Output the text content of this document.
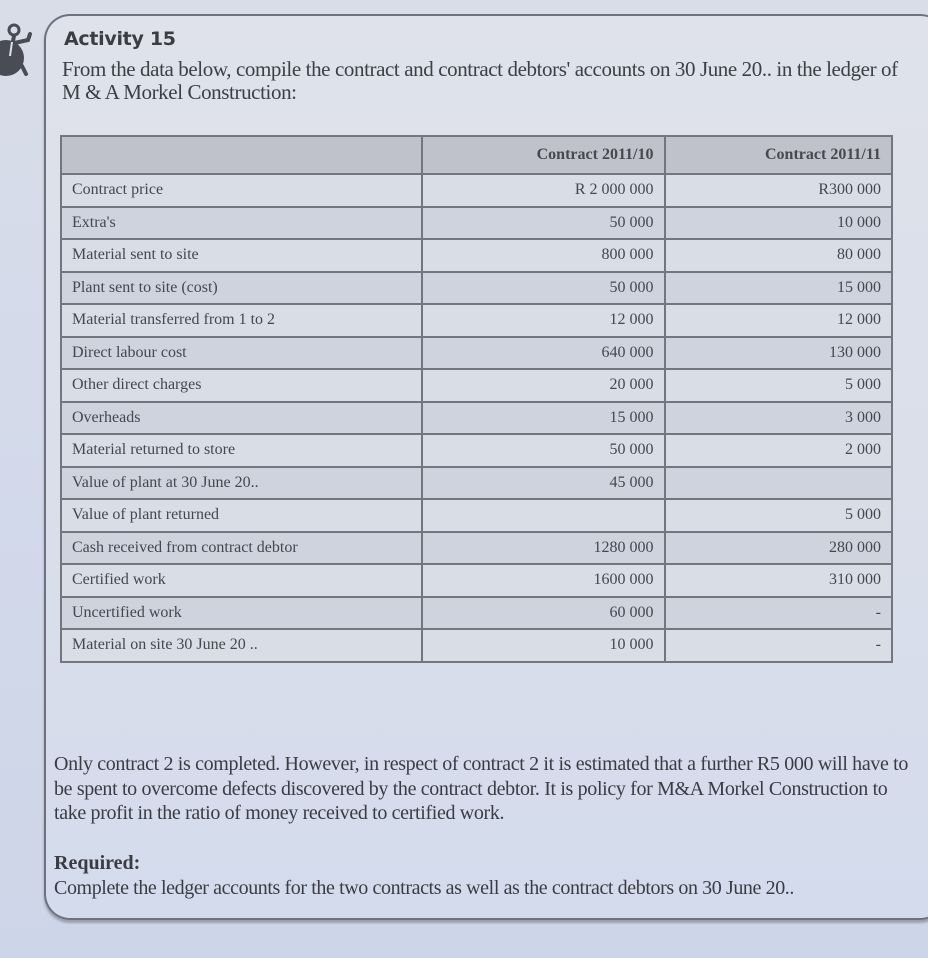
Activity 15
From the data below, compile the contract and contract debtors' accounts on 30 June 20.. in the ledger of M & A Morkel Construction:
	Contract 2011/10	Contract 2011/11
Contract price	R 2 000 000	R300 000
Extra's	50 000	10 000
Material sent to site	800 000	80 000
Plant sent to site (cost)	50 000	15 000
Material transferred from 1 to 2	12 000	12 000
Direct labour cost	640 000	130 000
Other direct charges	20 000	5 000
Overheads	15 000	3 000
Material returned to store	50 000	2 000
Value of plant at 30 June 20..	45 000	
Value of plant returned		5 000
Cash received from contract debtor	1280 000	280 000
Certified work	1600 000	310 000
Uncertified work	60 000	-
Material on site 30 June 20 ..	10 000	-
Only contract 2 is completed. However, in respect of contract 2 it is estimated that a further R5 000 will have to be spent to overcome defects discovered by the contract debtor. It is policy for M&A Morkel Construction to take profit in the ratio of money received to certified work.
Required:
Complete the ledger accounts for the two contracts as well as the contract debtors on 30 June 20..
